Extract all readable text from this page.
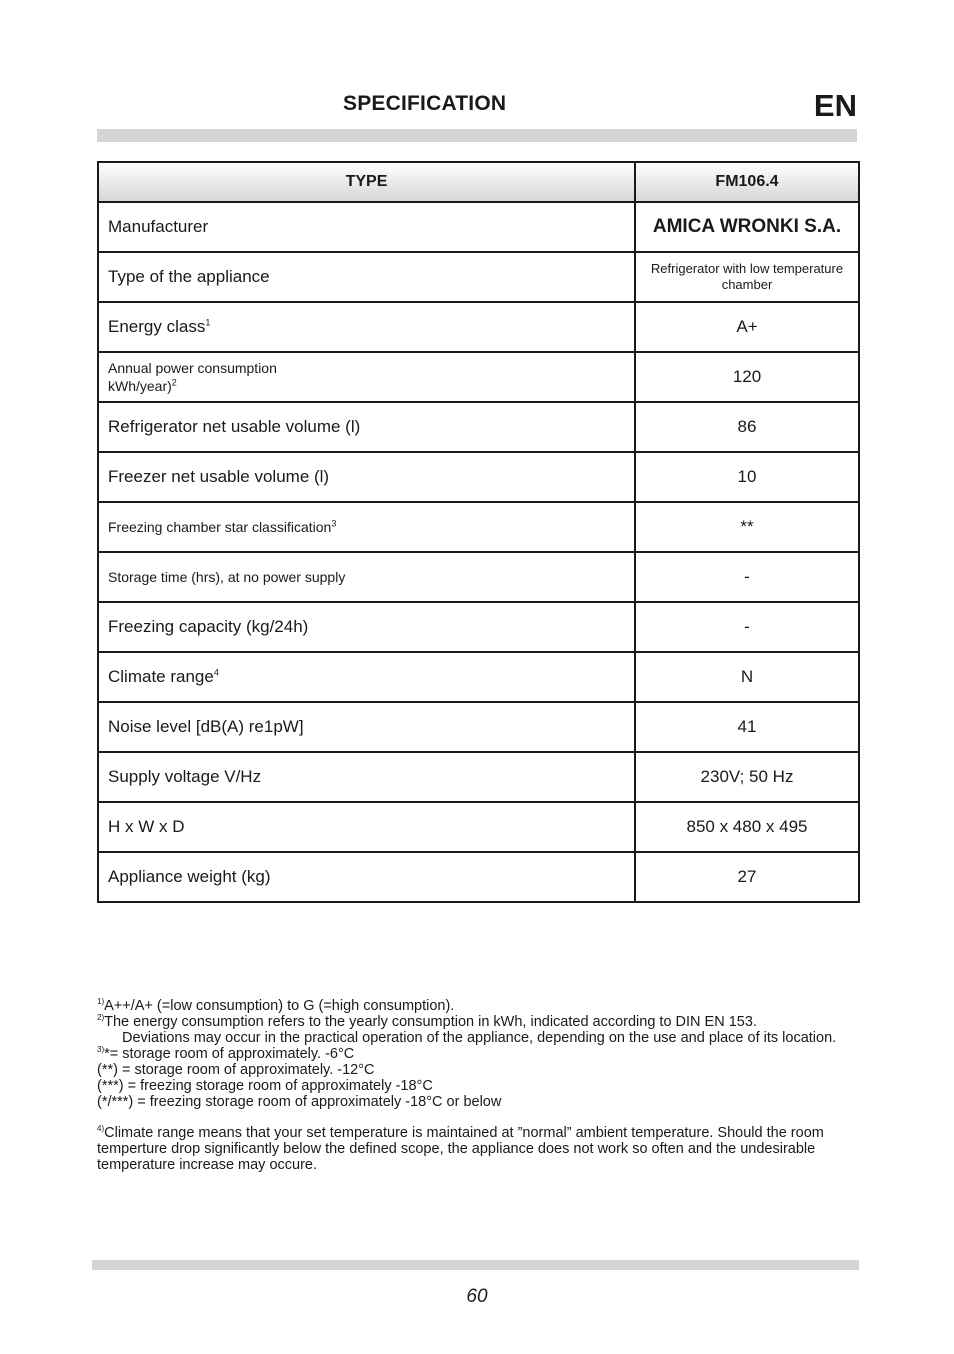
SPECIFICATION	EN
TYPE	FM106.4
Manufacturer	AMICA WRONKI S.A.
Type of the appliance	Refrigerator with low temperature chamber
Energy class$^1$	A+
Annual power consumption
kWh/year)$^2$	120
Refrigerator net usable volume (l)	86
Freezer net usable volume (l)	10
Freezing chamber star classification$^3$	**
Storage time (hrs), at no power supply	-
Freezing capacity (kg/24h)	-
Climate range$^4$	N
Noise level [dB(A) re1pW]	41
Supply voltage V/Hz	230V; 50 Hz
H x W x D	850 x 480 x 495
Appliance weight (kg)	27

$^{1)}$A++/A+ (=low consumption) to G (=high consumption).

$^{2)}$The energy consumption refers to the yearly consumption in kWh, indicated according to DIN EN 153.

Deviations may occur in the practical operation of the appliance, depending on the use and place of its location.

$^{3)}$*= storage room of approximately. -6°C

(**) = storage room of approximately. -12°C

(***) = freezing storage room of approximately -18°C

(*/***) = freezing storage room of approximately -18°C or below

$^{4)}$Climate range means that your set temperature is maintained at ”normal” ambient temperature. Should the room temperture drop significantly below the defined scope, the appliance does not work so often and the undesirable temperature increase may occure.

60
